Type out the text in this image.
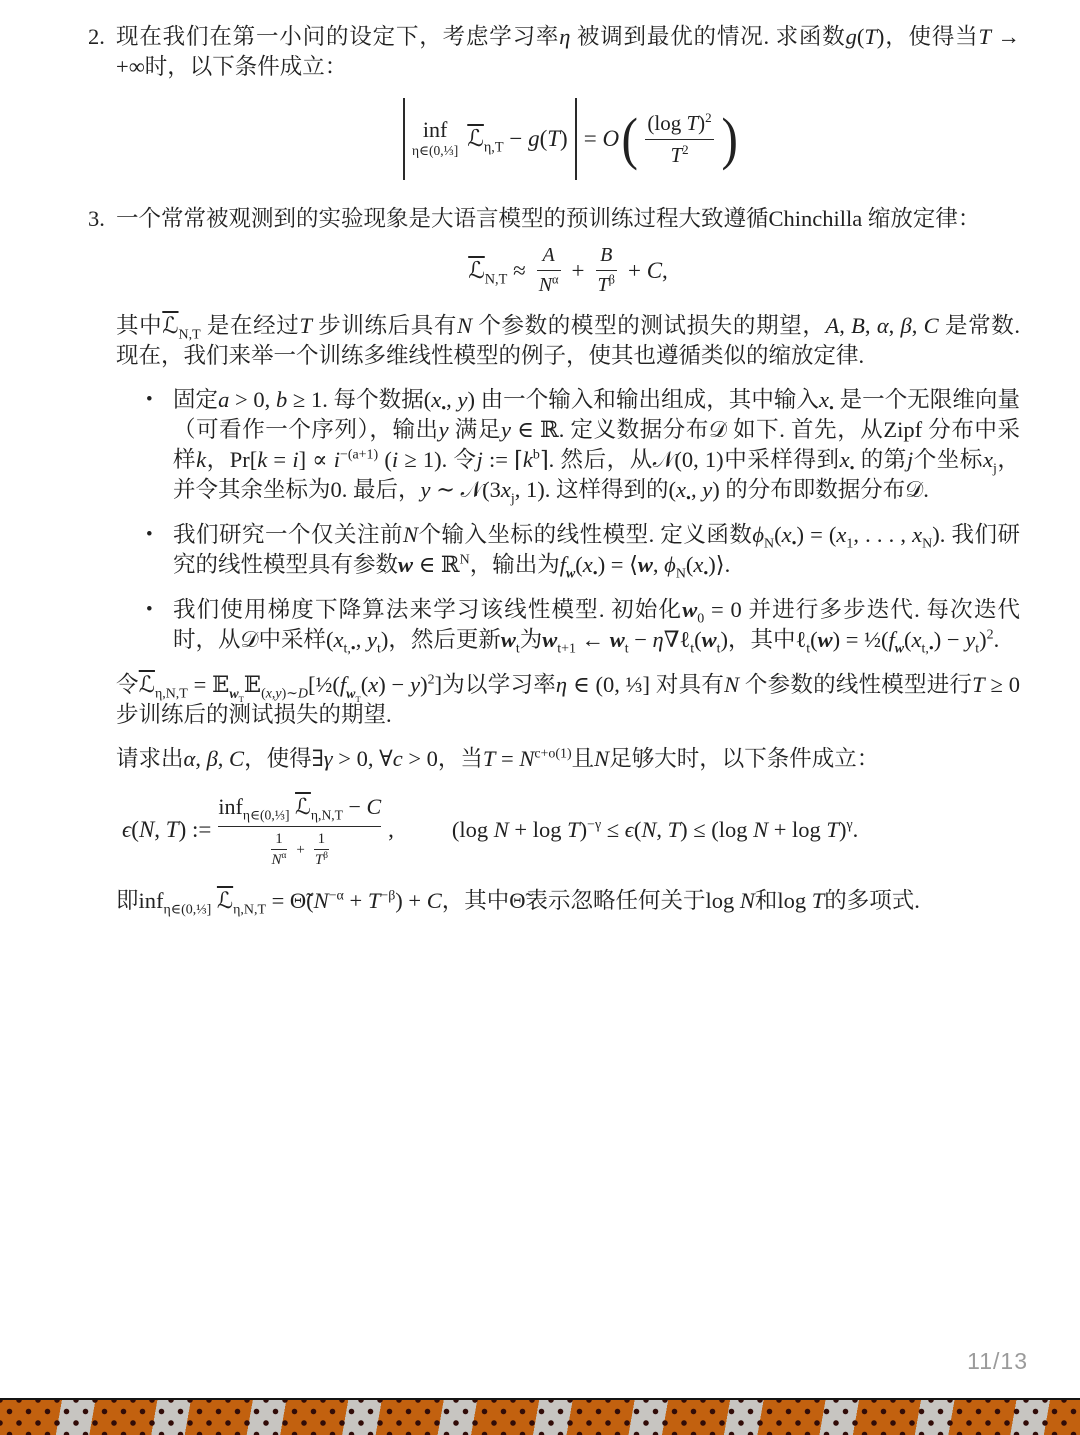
2. 现在我们在第一小问的设定下，考虑学习率η 被调到最优的情况. 求函数g(T)，使得当T → +∞时，以下条件成立：

inf
η∈(0,⅓] ℒ$_{\eta,T}$ − g(T) = O ( $\frac{(\log T)^2}{T^2}$ )
3. 一个常常被观测到的实验现象是大语言模型的预训练过程大致遵循Chinchilla 缩放定律：

ℒ$_{N,T}$ ≈ $\frac{A}{N^\alpha} + \frac{B}{T^\beta} + C$,

其中ℒ$_{N,T}$ 是在经过T 步训练后具有N 个参数的模型的测试损失的期望，A, B, α, β, C 是常数. 现在，我们来举一个训练多维线性模型的例子，使其也遵循类似的缩放定律.

• 固定a > 0, b ≥ 1. 每个数据($x_•$, y) 由一个输入和输出组成，其中输入$x_•$ 是一个无限维向量（可看作一个序列），输出y 满足y ∈ ℝ. 定义数据分布𝒟 如下. 首先，从Zipf 分布中采样k，$Pr[k = i] \propto i^{-(a+1)}$ (i ≥ 1). 令j := $⌈k^b⌉$. 然后，从𝒩(0, 1)中采样得到$x_•$ 的第j个坐标$x_j$，并令其余坐标为0. 最后，y ∼ $𝒩(3x_j$, 1). 这样得到的($x_•$, y) 的分布即数据分布𝒟.
• 我们研究一个仅关注前N个输入坐标的线性模型. 定义函数$\phi_N(x_•) = (x_1$, . . . , $x_N$). 我们研究的线性模型具有参数w ∈ ℝ$^N$，输出为$f_w(x_•)$ = ⟨w, $\phi_N(x_•)⟩$.
• 我们使用梯度下降算法来学习该线性模型. 初始化$w_0 = 0$ 并进行多步迭代. 每次迭代时，从𝒟中采样($x_{t,•}$, $y_t$)，然后更新$w_t$为$w_{t+1}$ ← $w_t$ − $\eta\nabla\ell_t(w_t)$，其中ℓ$_t$(w) = $\frac{1}{2}(f_w(x_{t,•}) - y_t)^2$.

令ℒ$_{\eta,N,T}$ = $𝔼_{w_T}𝔼_{(x,y)\sim D}[\frac{1}{2}(f_{w_T}(x) - y)^2]$为以学习率η ∈ (0, ⅓] 对具有N 个参数的线性模型进行T ≥ 0步训练后的测试损失的期望.

请求出α, β, C，使得∃γ > 0, ∀c > 0，当$T = N^{c+o(1)}$且N足够大时，以下条件成立：

ϵ(N, T) :=
inf$_{\eta\in(0,\frac{1}{3}]}$ ℒ$_{\eta,N,T}$ − C
1
$N^\alpha$ +
1
$T^\beta$
,	(log N + log T)$^{-\gamma}$ ≤ ϵ(N, T) ≤ (log N + log T)$^\gamma$.

即inf$_{\eta\in(0,\frac{1}{3}]}$ ℒ$_{\eta,N,T}$ = $\Thetã(N^{-\alpha} + T^{-\beta}) + C$，其中Θ̃表示忽略任何关于log N和log T的多项式.

11/13
